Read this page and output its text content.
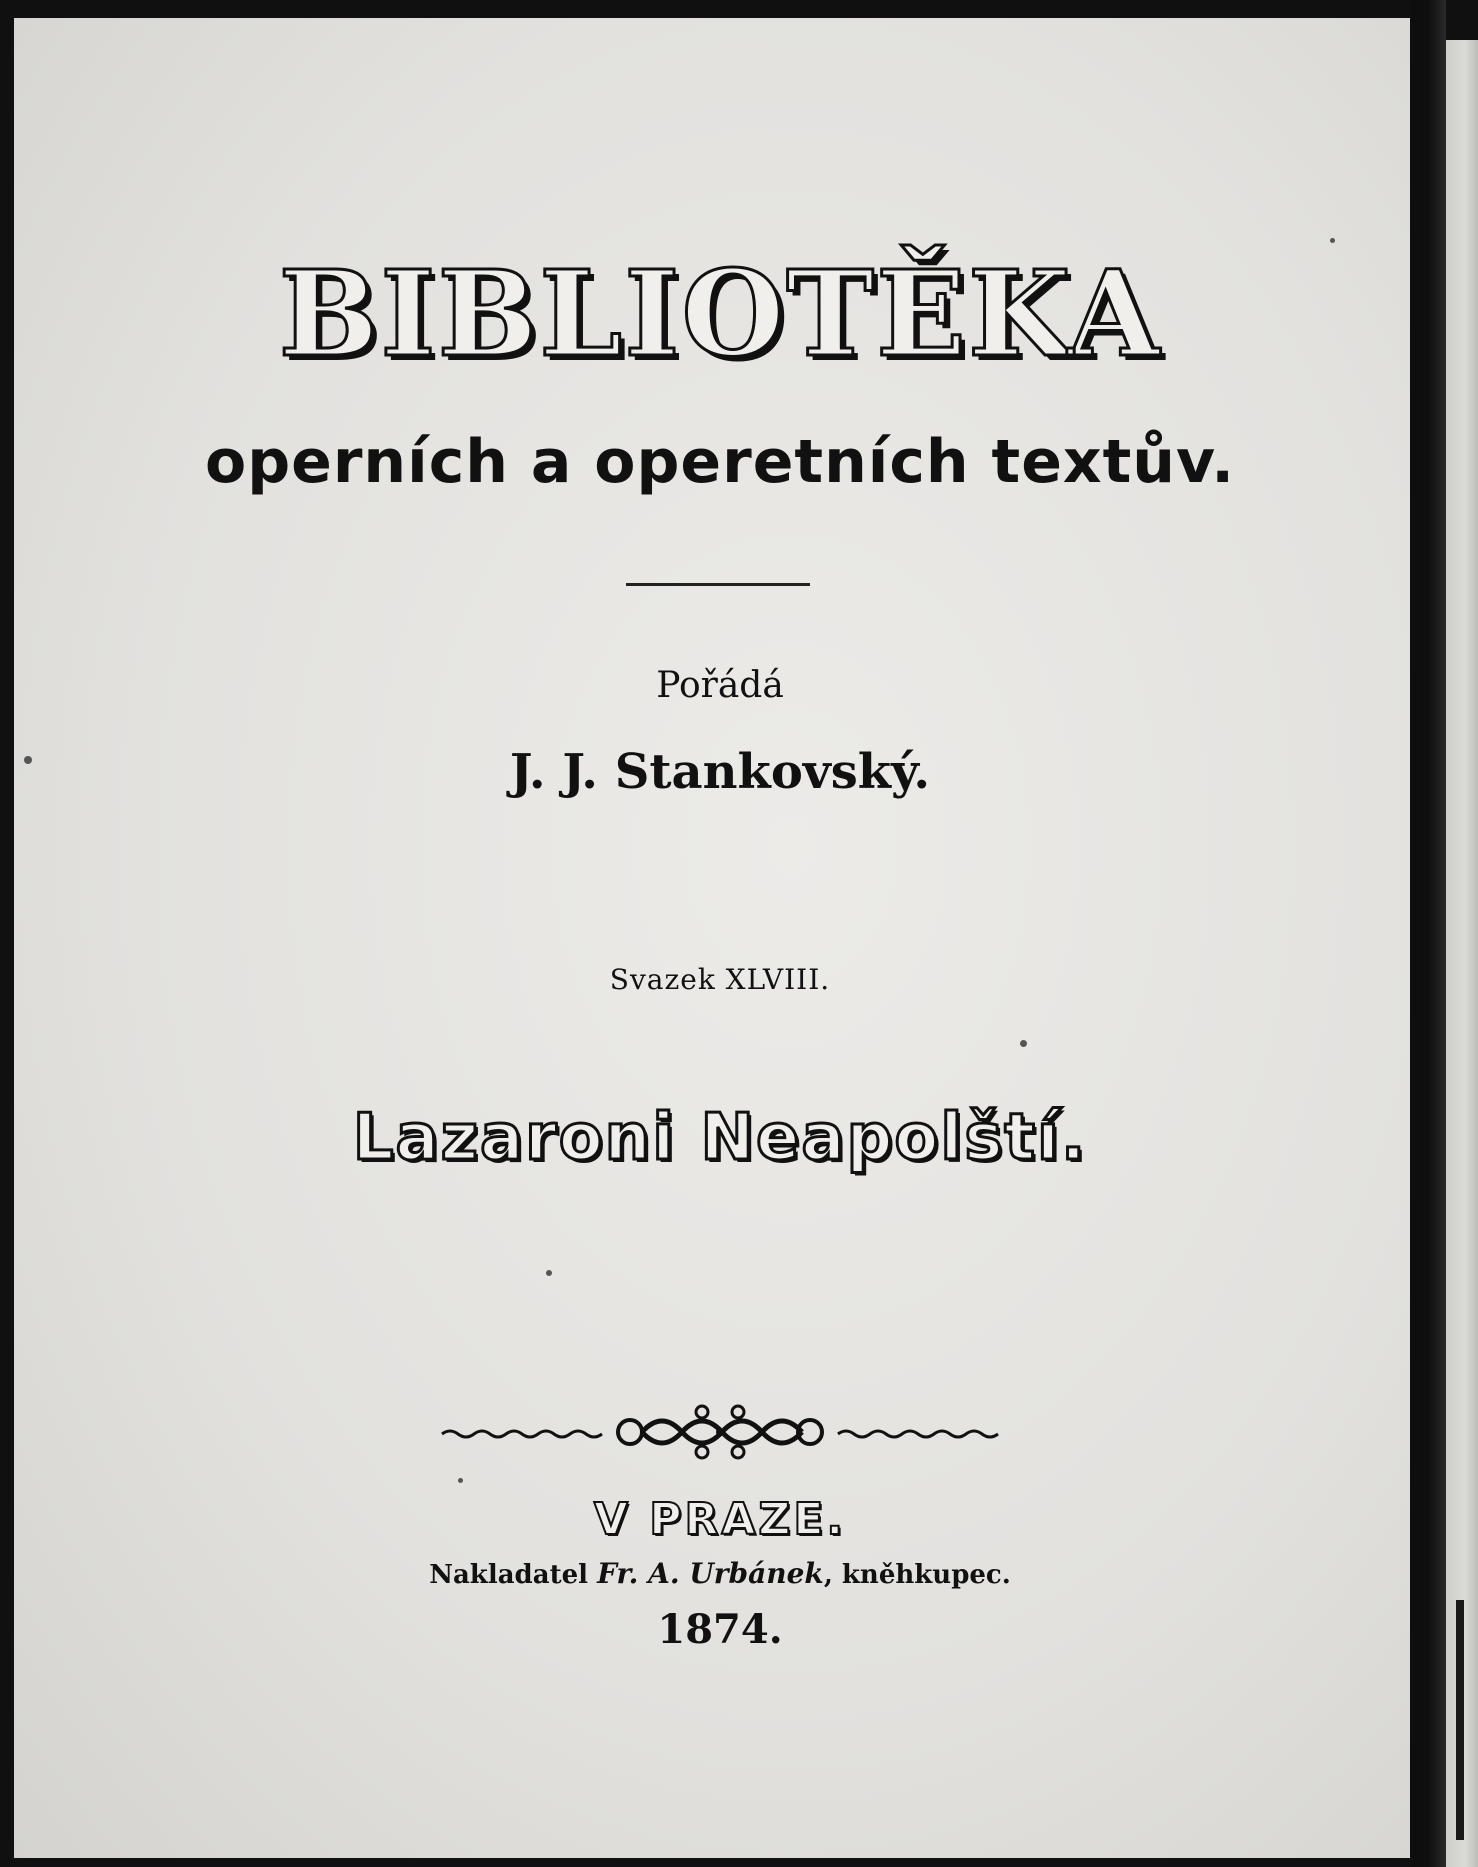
BIBLIOTĚKA
operních a operetních textův.
Pořádá
J. J. Stankovský.
Svazek XLVIII.
Lazaroni Neapolští.
V PRAZE.
Nakladatel Fr. A. Urbánek, kněhkupec.
1874.
